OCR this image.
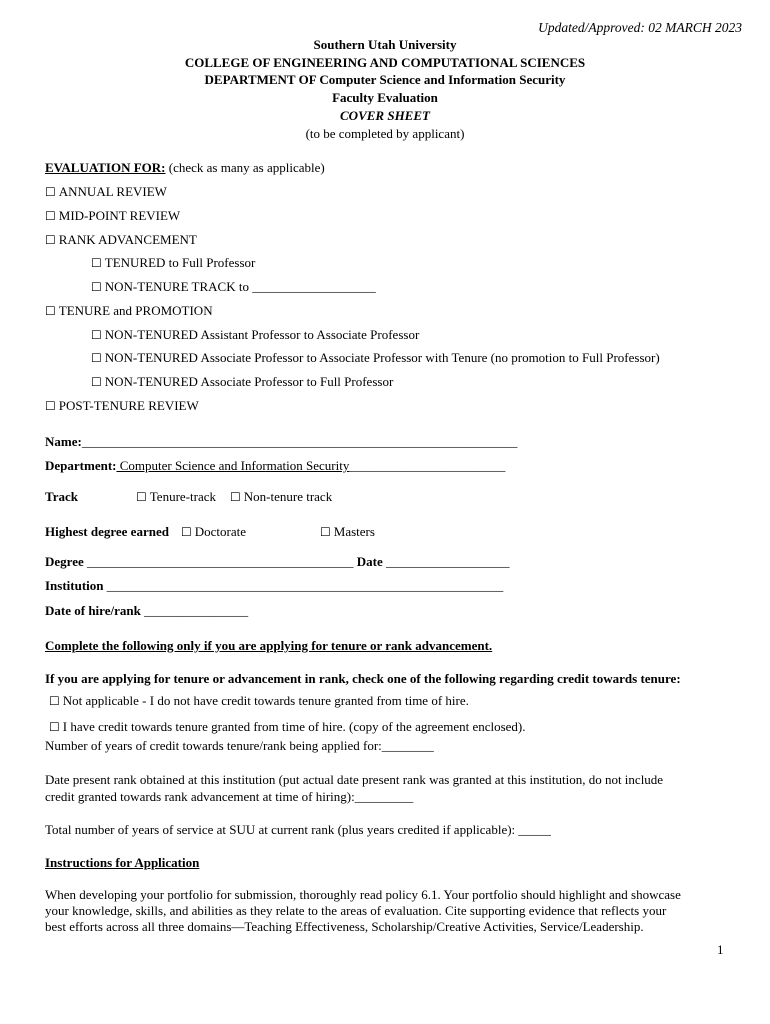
Updated/Approved: 02 MARCH 2023
Southern Utah University
COLLEGE OF ENGINEERING AND COMPUTATIONAL SCIENCES
DEPARTMENT OF Computer Science and Information Security
Faculty Evaluation
COVER SHEET
(to be completed by applicant)
EVALUATION FOR: (check as many as applicable)
☐ ANNUAL REVIEW
☐ MID-POINT REVIEW
☐ RANK ADVANCEMENT
☐ TENURED to Full Professor
☐ NON-TENURE TRACK to ___________________
☐ TENURE and PROMOTION
☐ NON-TENURED Assistant Professor to Associate Professor
☐ NON-TENURED Associate Professor to Associate Professor with Tenure (no promotion to Full Professor)
☐ NON-TENURED Associate Professor to Full Professor
☐ POST-TENURE REVIEW
Name:___________________________________________________________________
Department: Computer Science and Information Security________________________
Track	☐ Tenure-track ☐ Non-tenure track
Highest degree earned ☐ Doctorate	☐ Masters
Degree _________________________________________ Date ___________________
Institution _____________________________________________________________
Date of hire/rank ________________
Complete the following only if you are applying for tenure or rank advancement.
If you are applying for tenure or advancement in rank, check one of the following regarding credit towards tenure:
☐ Not applicable - I do not have credit towards tenure granted from time of hire.
☐ I have credit towards tenure granted from time of hire. (copy of the agreement enclosed).
Number of years of credit towards tenure/rank being applied for:________
Date present rank obtained at this institution (put actual date present rank was granted at this institution, do not include
credit granted towards rank advancement at time of hiring):_________
Total number of years of service at SUU at current rank (plus years credited if applicable): _____
Instructions for Application
When developing your portfolio for submission, thoroughly read policy 6.1. Your portfolio should highlight and showcase
your knowledge, skills, and abilities as they relate to the areas of evaluation. Cite supporting evidence that reflects your
best efforts across all three domains—Teaching Effectiveness, Scholarship/Creative Activities, Service/Leadership.
1
